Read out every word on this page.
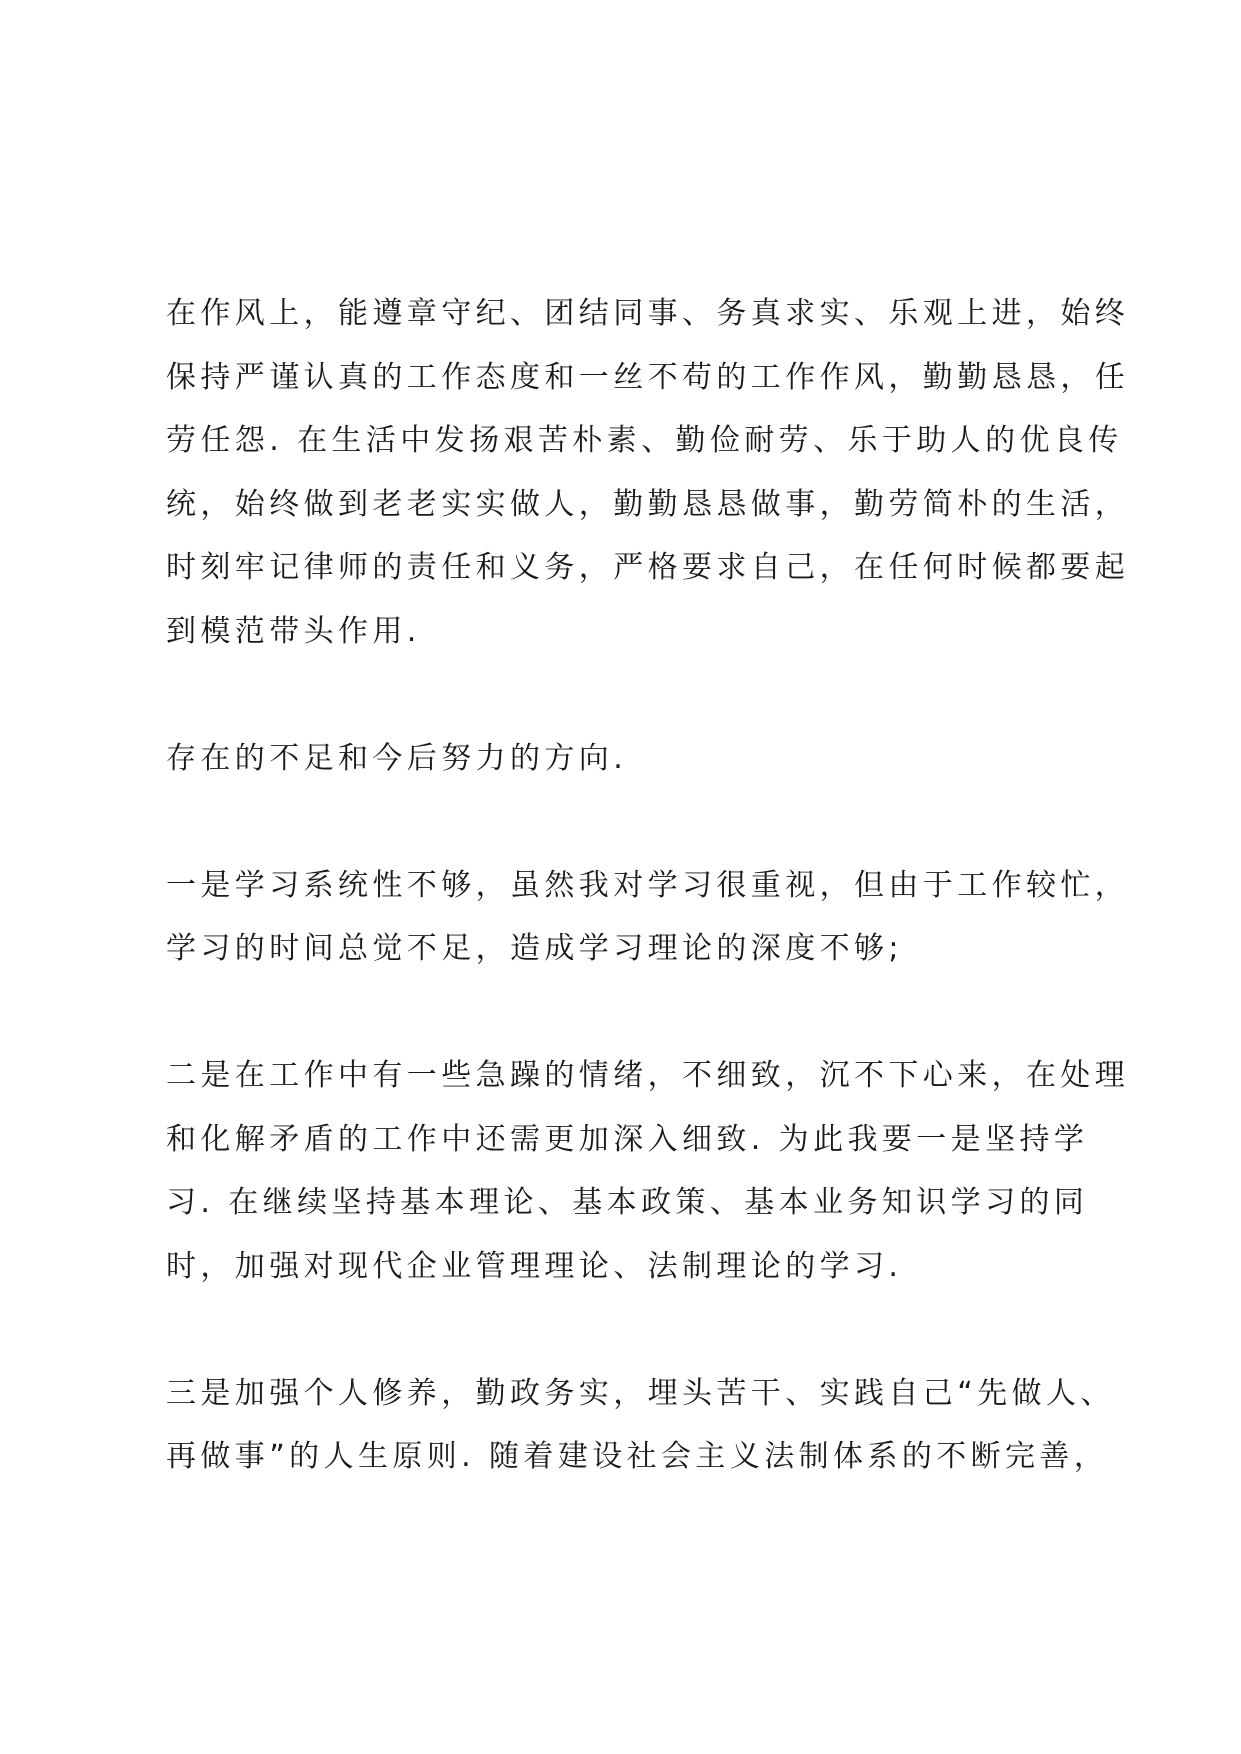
在作风上，能遵章守纪、团结同事、务真求实、乐观上进，始终
保持严谨认真的工作态度和一丝不苟的工作作风，勤勤恳恳，任
劳任怨. 在生活中发扬艰苦朴素、勤俭耐劳、乐于助人的优良传
统，始终做到老老实实做人，勤勤恳恳做事，勤劳简朴的生活，
时刻牢记律师的责任和义务，严格要求自己，在任何时候都要起
到模范带头作用.
存在的不足和今后努力的方向.
一是学习系统性不够，虽然我对学习很重视，但由于工作较忙，
学习的时间总觉不足，造成学习理论的深度不够;
二是在工作中有一些急躁的情绪，不细致，沉不下心来，在处理
和化解矛盾的工作中还需更加深入细致. 为此我要一是坚持学
习. 在继续坚持基本理论、基本政策、基本业务知识学习的同
时，加强对现代企业管理理论、法制理论的学习.
三是加强个人修养，勤政务实，埋头苦干、实践自己“先做人、
再做事”的人生原则. 随着建设社会主义法制体系的不断完善，
